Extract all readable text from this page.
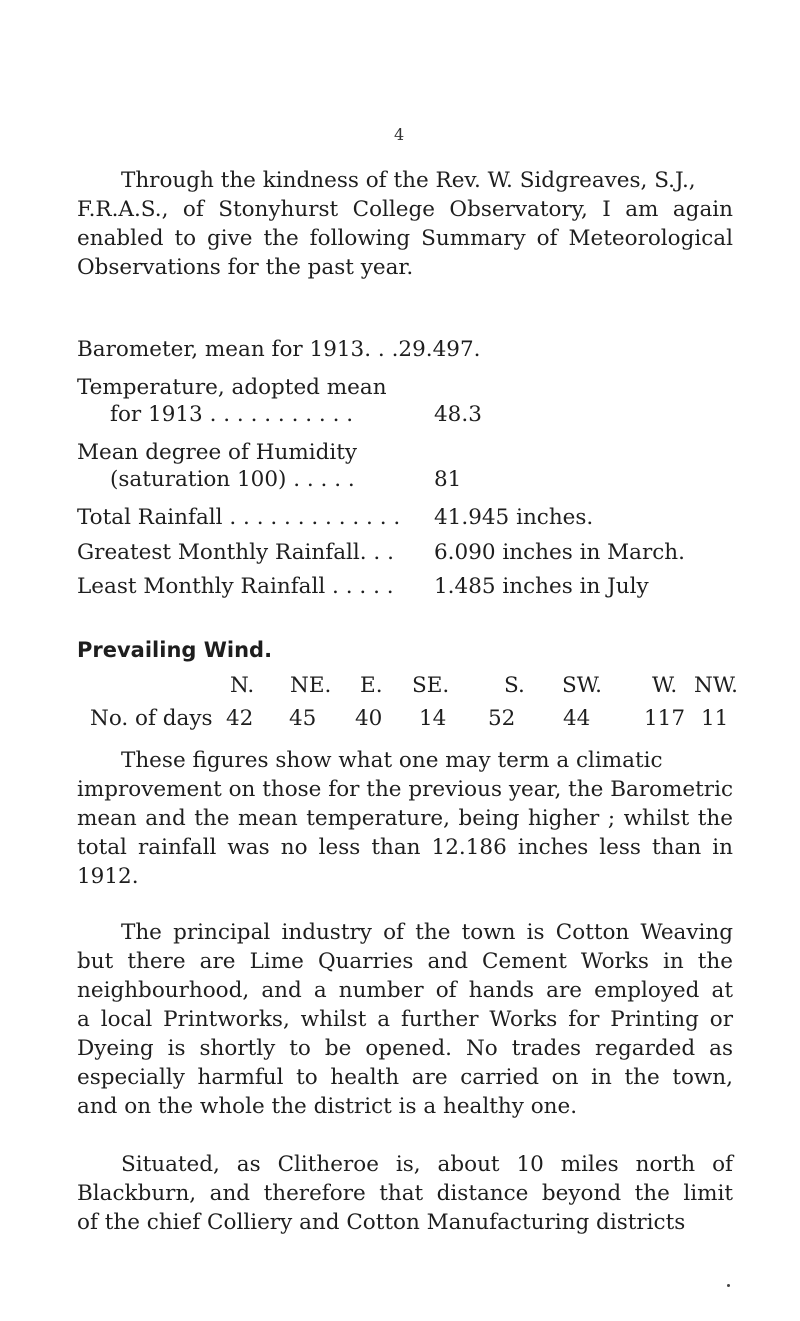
4
Through the kindness of the Rev. W. Sidgreaves, S.J.,
F.R.A.S., of Stonyhurst College Observatory, I am again
enabled to give the following Summary of Meteorological
Observations for the past year.
Barometer, mean for 1913. . .29.497.
Temperature, adopted mean
for 1913 . . . . . . . . . . .	48.3
Mean degree of Humidity
(saturation 100) . . . . .	81
Total Rainfall . . . . . . . . . . . . . 41.945 inches.
Greatest Monthly Rainfall. . . 6.090 inches in March.
Least Monthly Rainfall . . . . . 1.485 inches in July
Prevailing Wind.
N. NE. E. SE.	S. SW. W. NW.
No. of days 42 45 40 14 52 44 117 11
These figures show what one may term a climatic
improvement on those for the previous year, the Barometric
mean and the mean temperature, being higher ; whilst the
total rainfall was no less than 12.186 inches less than in
1912.
The principal industry of the town is Cotton Weaving
but there are Lime Quarries and Cement Works in the
neighbourhood, and a number of hands are employed at
a local Printworks, whilst a further Works for Printing or
Dyeing is shortly to be opened. No trades regarded as
especially harmful to health are carried on in the town,
and on the whole the district is a healthy one.
Situated, as Clitheroe is, about 10 miles north of
Blackburn, and therefore that distance beyond the limit
of the chief Colliery and Cotton Manufacturing districts
